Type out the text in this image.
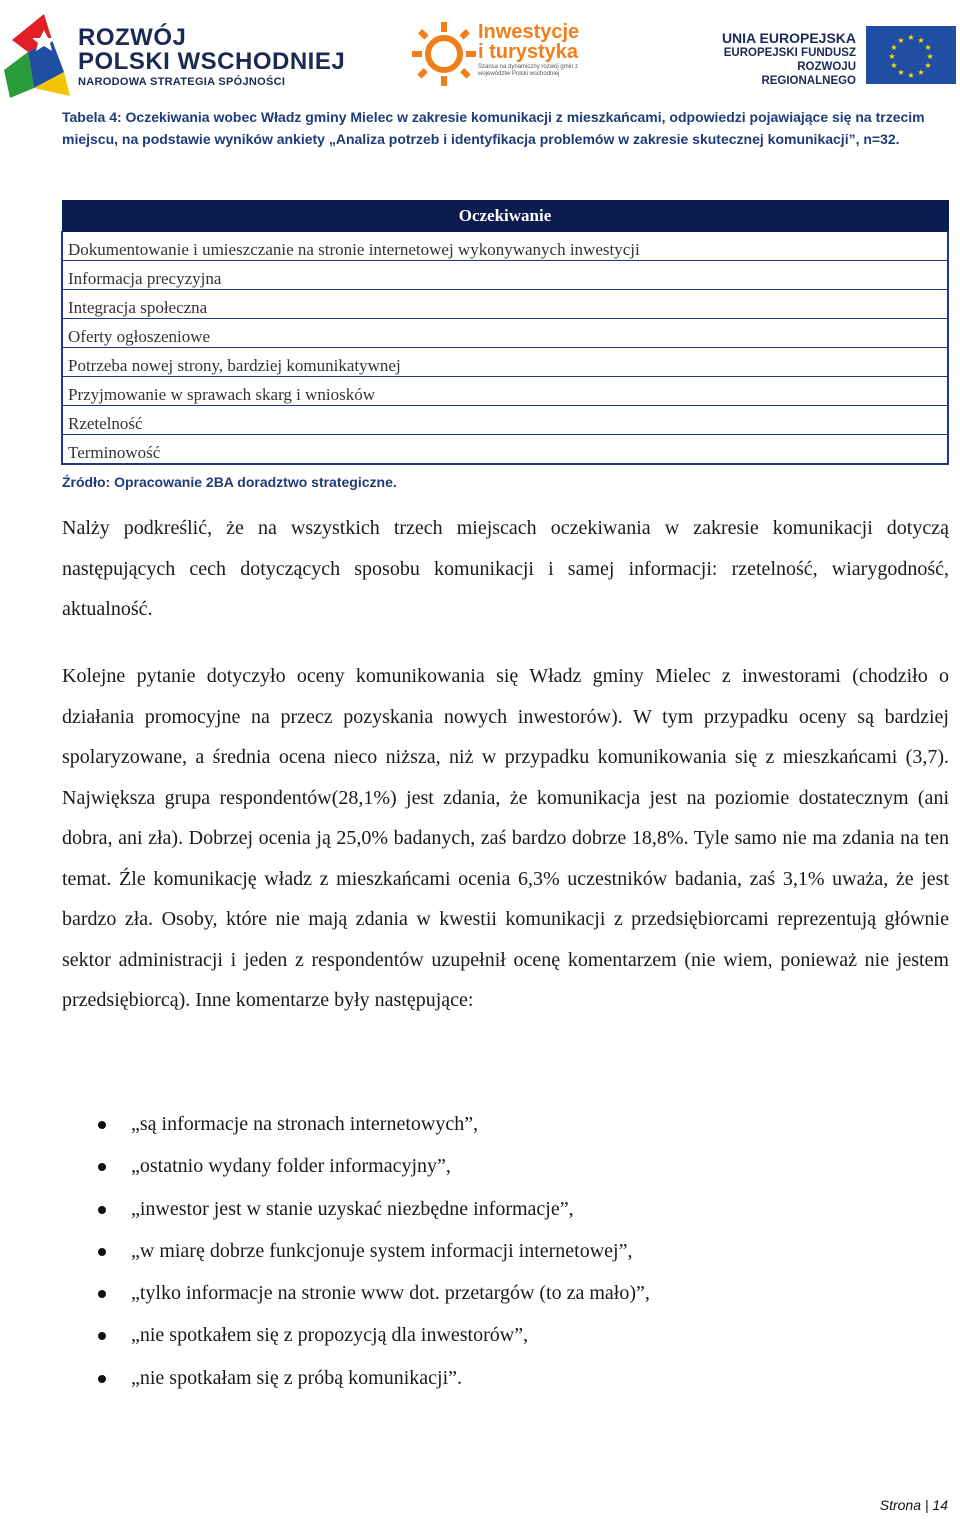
ROZWÓJ
POLSKI WSCHODNIEJ
NARODOWA STRATEGIA SPÓJNOŚCI
Inwestycje
i turystyka
Szansa na dynamiczny rozwój gmin z województw Polski wschodniej
UNIA EUROPEJSKA
EUROPEJSKI FUNDUSZ
ROZWOJU REGIONALNEGO
★ ★
★
★
★
★
★
★
★
★
★
★
Tabela 4: Oczekiwania wobec Władz gminy Mielec w zakresie komunikacji z mieszkańcami, odpowiedzi pojawiające się na trzecim miejscu, na podstawie wyników ankiety „Analiza potrzeb i identyfikacja problemów w zakresie skutecznej komunikacji”, n=32.
Oczekiwanie
Dokumentowanie i umieszczanie na stronie internetowej wykonywanych inwestycji
Informacja precyzyjna
Integracja społeczna
Oferty ogłoszeniowe
Potrzeba nowej strony, bardziej komunikatywnej
Przyjmowanie w sprawach skarg i wniosków
Rzetelność
Terminowość
Źródło: Opracowanie 2BA doradztwo strategiczne.

Nalży podkreślić, że na wszystkich trzech miejscach oczekiwania w zakresie komunikacji dotyczą następujących cech dotyczących sposobu komunikacji i samej informacji: rzetelność, wiarygodność, aktualność.

Kolejne pytanie dotyczyło oceny komunikowania się Władz gminy Mielec z inwestorami (chodziło o działania promocyjne na przecz pozyskania nowych inwestorów). W tym przypadku oceny są bardziej spolaryzowane, a średnia ocena nieco niższa, niż w przypadku komunikowania się z mieszkańcami (3,7). Największa grupa respondentów(28,1%) jest zdania, że komunikacja jest na poziomie dostatecznym (ani dobra, ani zła). Dobrzej ocenia ją 25,0% badanych, zaś bardzo dobrze 18,8%. Tyle samo nie ma zdania na ten temat. Źle komunikację władz z mieszkańcami ocenia 6,3% uczestników badania, zaś 3,1% uważa, że jest bardzo zła. Osoby, które nie mają zdania w kwestii komunikacji z przedsiębiorcami reprezentują głównie sektor administracji i jeden z respondentów uzupełnił ocenę komentarzem (nie wiem, ponieważ nie jestem przedsiębiorcą). Inne komentarze były następujące:

„są informacje na stronach internetowych”,
„ostatnio wydany folder informacyjny”,
„inwestor jest w stanie uzyskać niezbędne informacje”,
„w miarę dobrze funkcjonuje system informacji internetowej”,
„tylko informacje na stronie www dot. przetargów (to za mało)”,
„nie spotkałem się z propozycją dla inwestorów”,
„nie spotkałam się z próbą komunikacji”.
Strona | 14
